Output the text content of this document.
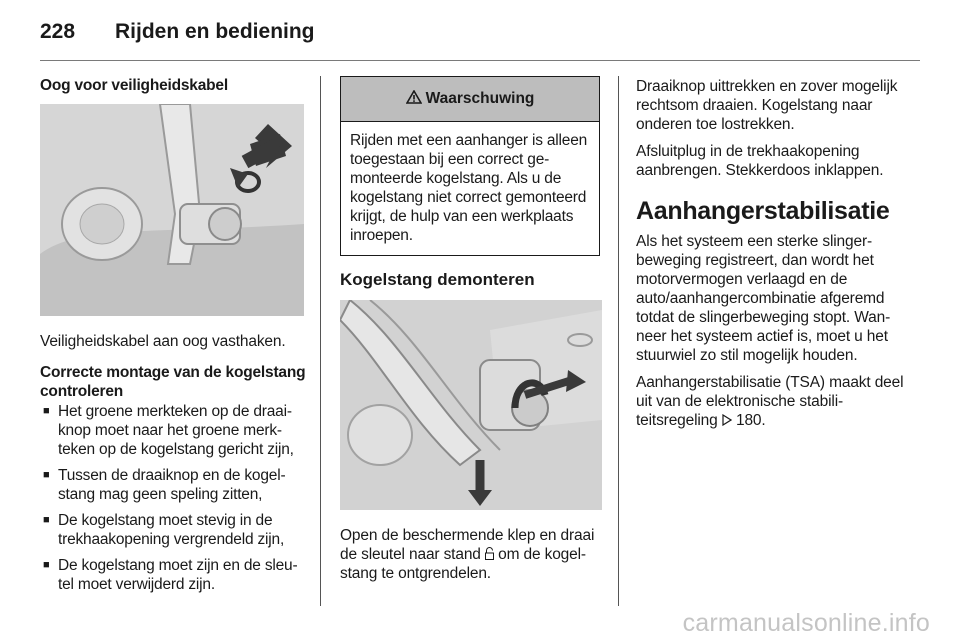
228 Rijden en bediening
Oog voor veiligheidskabel

Veiligheidskabel aan oog vasthaken.

Correcte montage van de kogelstang controleren
■ Het groene merkteken op de draaiknop moet naar het groene merkteken op de kogelstang gericht zijn,
■ Tussen de draaiknop en de kogelstang mag geen speling zitten,
■ De kogelstang moet stevig in de trekhaakopening vergrendeld zijn,
■ De kogelstang moet zijn en de sleutel moet verwijderd zijn.
Waarschuwing
Rijden met een aanhanger is alleen toegestaan bij een correct gemonteerde kogelstang. Als u de kogelstang niet correct gemonteerd krijgt, de hulp van een werkplaats inroepen.
Kogelstang demonteren

Open de beschermende klep en draai de sleutel naar stand om de kogelstang te ontgrendelen.

Draaiknop uittrekken en zover mogelijk rechtsom draaien. Kogelstang naar onderen toe lostrekken.

Afsluitplug in de trekhaakopening aanbrengen. Stekkerdoos inklappen.

Aanhangerstabilisatie

Als het systeem een sterke slingerbeweging registreert, dan wordt het motorvermogen verlaagd en de auto/aanhangercombinatie afgeremd totdat de slingerbeweging stopt. Wanneer het systeem actief is, moet u het stuurwiel zo stil mogelijk houden.

Aanhangerstabilisatie (TSA) maakt deel uit van de elektronische stabiliteitsregeling 180.

carmanualsonline.info
